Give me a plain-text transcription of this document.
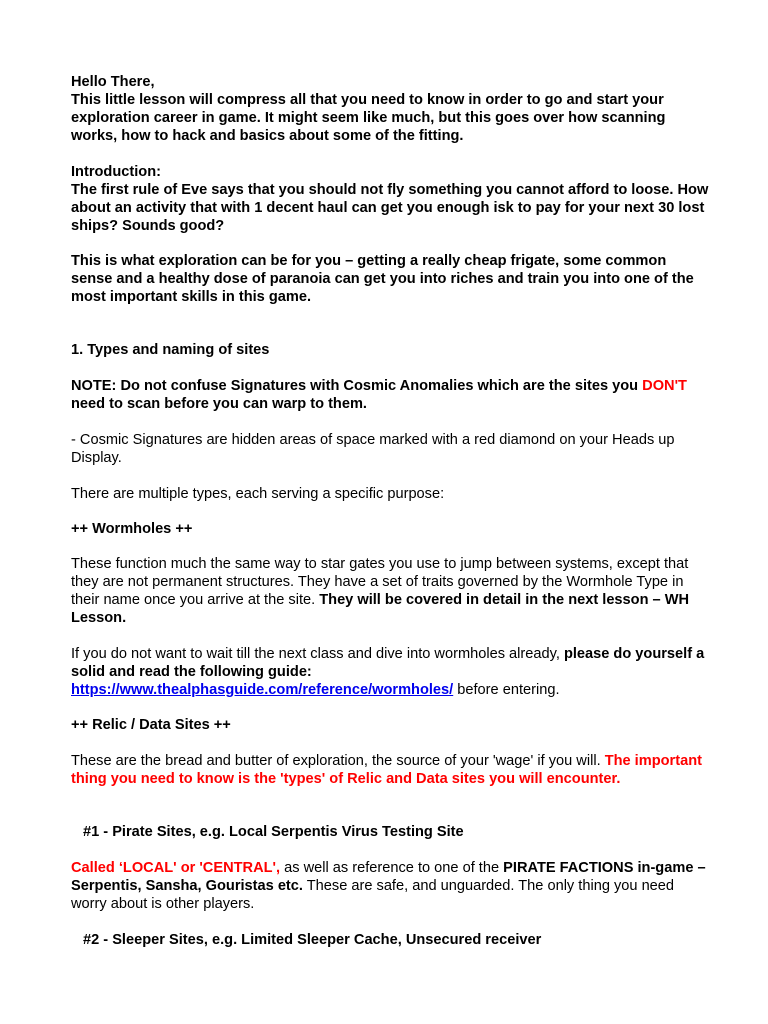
Hello There,
This little lesson will compress all that you need to know in order to go and start your exploration career in game. It might seem like much, but this goes over how scanning works, how to hack and basics about some of the fitting.

Introduction:
The first rule of Eve says that you should not fly something you cannot afford to loose. How about an activity that with 1 decent haul can get you enough isk to pay for your next 30 lost ships? Sounds good?

This is what exploration can be for you – getting a really cheap frigate, some common sense and a healthy dose of paranoia can get you into riches and train you into one of the most important skills in this game.

1. Types and naming of sites

NOTE: Do not confuse Signatures with Cosmic Anomalies which are the sites you DON'T need to scan before you can warp to them.

- Cosmic Signatures are hidden areas of space marked with a red diamond on your Heads up Display.

There are multiple types, each serving a specific purpose:

++ Wormholes ++

These function much the same way to star gates you use to jump between systems, except that they are not permanent structures. They have a set of traits governed by the Wormhole Type in their name once you arrive at the site. They will be covered in detail in the next lesson – WH Lesson.

If you do not want to wait till the next class and dive into wormholes already, please do yourself a solid and read the following guide:
https://www.thealphasguide.com/reference/wormholes/ before entering.

++ Relic / Data Sites ++

These are the bread and butter of exploration, the source of your 'wage' if you will. The important thing you need to know is the 'types' of Relic and Data sites you will encounter.

#1 - Pirate Sites, e.g. Local Serpentis Virus Testing Site

Called ‘LOCAL' or 'CENTRAL', as well as reference to one of the PIRATE FACTIONS in-game – Serpentis, Sansha, Gouristas etc. These are safe, and unguarded. The only thing you need worry about is other players.

#2 - Sleeper Sites, e.g. Limited Sleeper Cache, Unsecured receiver
